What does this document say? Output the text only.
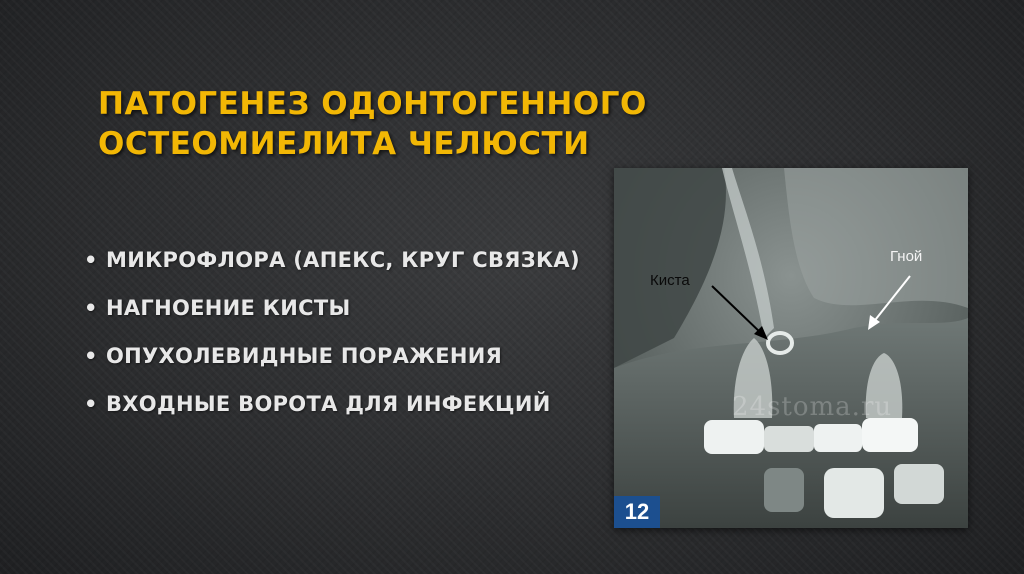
ПАТОГЕНЕЗ ОДОНТОГЕННОГО ОСТЕОМИЕЛИТА ЧЕЛЮСТИ
• МИКРОФЛОРА (АПЕКС, КРУГ СВЯЗКА)
• НАГНОЕНИЕ КИСТЫ
• ОПУХОЛЕВИДНЫЕ ПОРАЖЕНИЯ
• ВХОДНЫЕ ВОРОТА ДЛЯ ИНФЕКЦИЙ
Киста
Гной
24stoma.ru
12
